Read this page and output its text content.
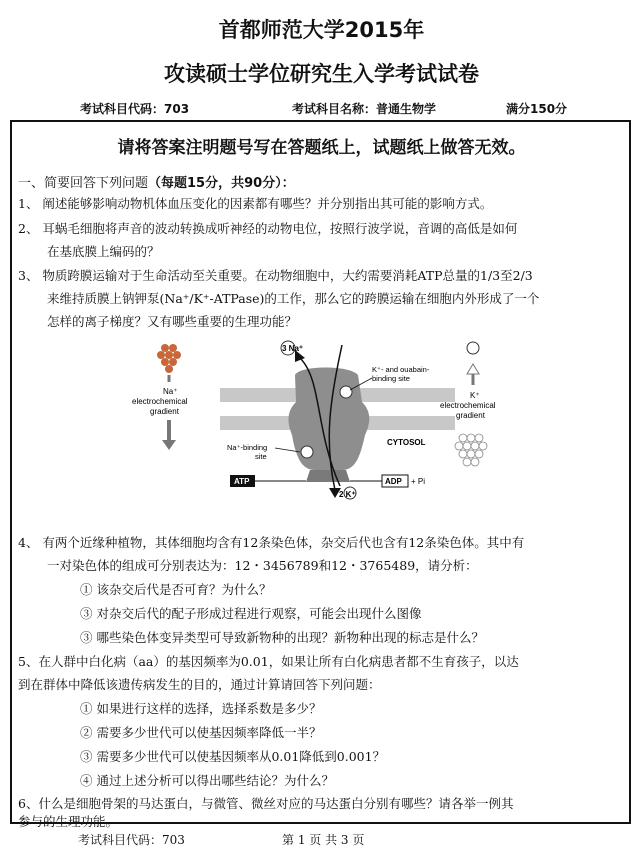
首都师范大学2015年
攻读硕士学位研究生入学考试试卷
考试科目代码：703	考试科目名称：普通生物学	满分150分
请将答案注明题号写在答题纸上，试题纸上做答无效。
一、简要回答下列问题（每题15分，共90分）：
1、 阐述能够影响动物机体血压变化的因素都有哪些？并分别指出其可能的影响方式。
2、 耳蜗毛细胞将声音的波动转换成听神经的动物电位，按照行波学说，音调的高低是如何
在基底膜上编码的？
3、 物质跨膜运输对于生命活动至关重要。在动物细胞中，大约需要消耗ATP总量的1/3至2/3
来维持质膜上钠钾泵(Na⁺/K⁺-ATPase)的工作，那么它的跨膜运输在细胞内外形成了一个
怎样的离子梯度？又有哪些重要的生理功能？
3 Na⁺
K⁺- and ouabain-
binding site
Na⁺
electrochemical
gradient
K⁺
electrochemical
gradient
Na⁺-binding
site
CYTOSOL
ATP	ADP + Pi
2 K⁺
4、 有两个近缘种植物，其体细胞均含有12条染色体，杂交后代也含有12条染色体。其中有
一对染色体的组成可分别表达为：12・3456789和12・3765489，请分析：
① 该杂交后代是否可育？为什么？
③ 对杂交后代的配子形成过程进行观察，可能会出现什么图像
③ 哪些染色体变异类型可导致新物种的出现？新物种出现的标志是什么？
5、在人群中白化病（aa）的基因频率为0.01，如果让所有白化病患者都不生育孩子，以达
到在群体中降低该遗传病发生的目的，通过计算请回答下列问题：
① 如果进行这样的选择，选择系数是多少？
② 需要多少世代可以使基因频率降低一半？
③ 需要多少世代可以使基因频率从0.01降低到0.001？
④ 通过上述分析可以得出哪些结论？为什么？
6、什么是细胞骨架的马达蛋白，与微管、微丝对应的马达蛋白分别有哪些？请各举一例其
参与的生理功能。
考试科目代码：703	第 1 页 共 3 页
